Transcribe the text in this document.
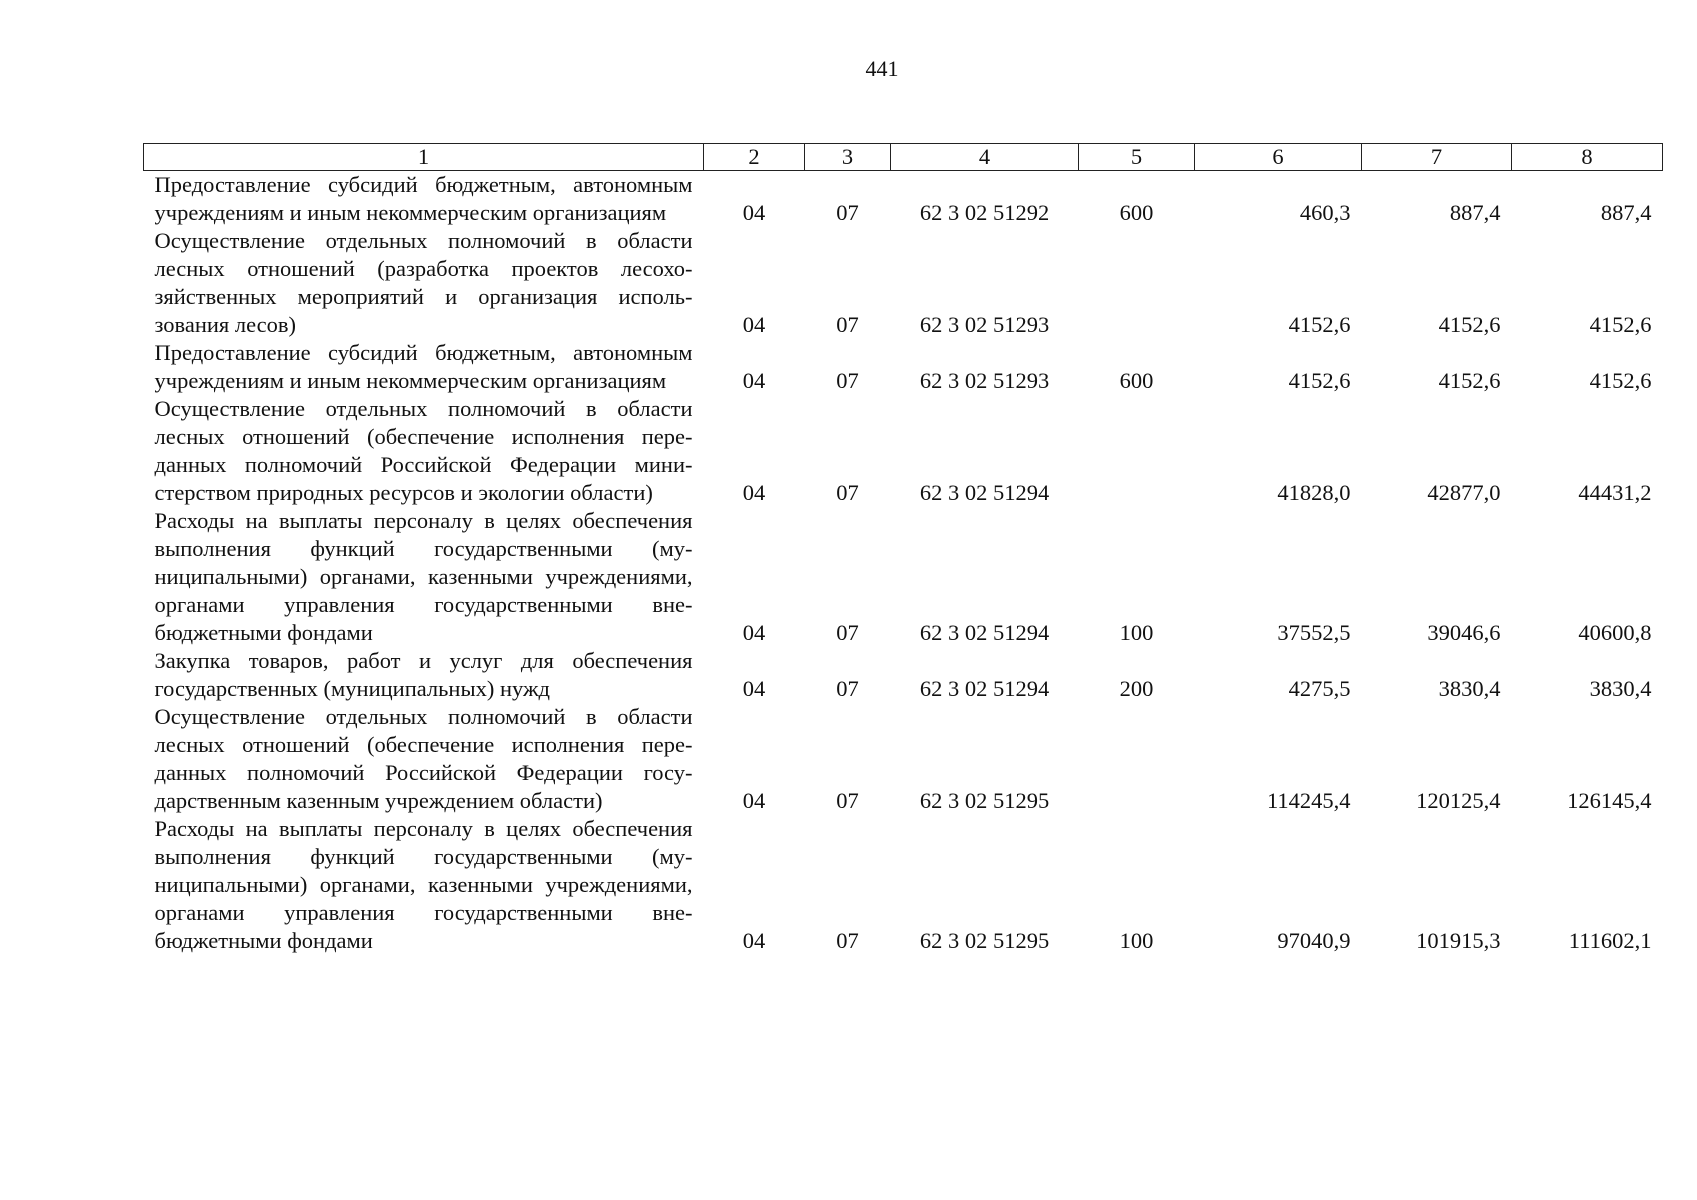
441
1	2	3	4	5	6	7	8
Предоставление субсидий бюджетным, автономным учреждениям и иным некоммерческим организациям	04	07	62 3 02 51292	600	460,3	887,4	887,4
Осуществление отдельных полномочий в области лесных отношений (разработка проектов лесохозяйственных мероприятий и организация использования лесов)	04	07	62 3 02 51293		4152,6	4152,6	4152,6
Предоставление субсидий бюджетным, автономным учреждениям и иным некоммерческим организациям	04	07	62 3 02 51293	600	4152,6	4152,6	4152,6
Осуществление отдельных полномочий в области лесных отношений (обеспечение исполнения переданных полномочий Российской Федерации министерством природных ресурсов и экологии области)	04	07	62 3 02 51294		41828,0	42877,0	44431,2
Расходы на выплаты персоналу в целях обеспечения выполнения функций государственными (муниципальными) органами, казенными учреждениями, органами управления государственными внебюджетными фондами	04	07	62 3 02 51294	100	37552,5	39046,6	40600,8
Закупка товаров, работ и услуг для обеспечения государственных (муниципальных) нужд	04	07	62 3 02 51294	200	4275,5	3830,4	3830,4
Осуществление отдельных полномочий в области лесных отношений (обеспечение исполнения переданных полномочий Российской Федерации государственным казенным учреждением области)	04	07	62 3 02 51295		114245,4	120125,4	126145,4
Расходы на выплаты персоналу в целях обеспечения выполнения функций государственными (муниципальными) органами, казенными учреждениями, органами управления государственными внебюджетными фондами	04	07	62 3 02 51295	100	97040,9	101915,3	111602,1
